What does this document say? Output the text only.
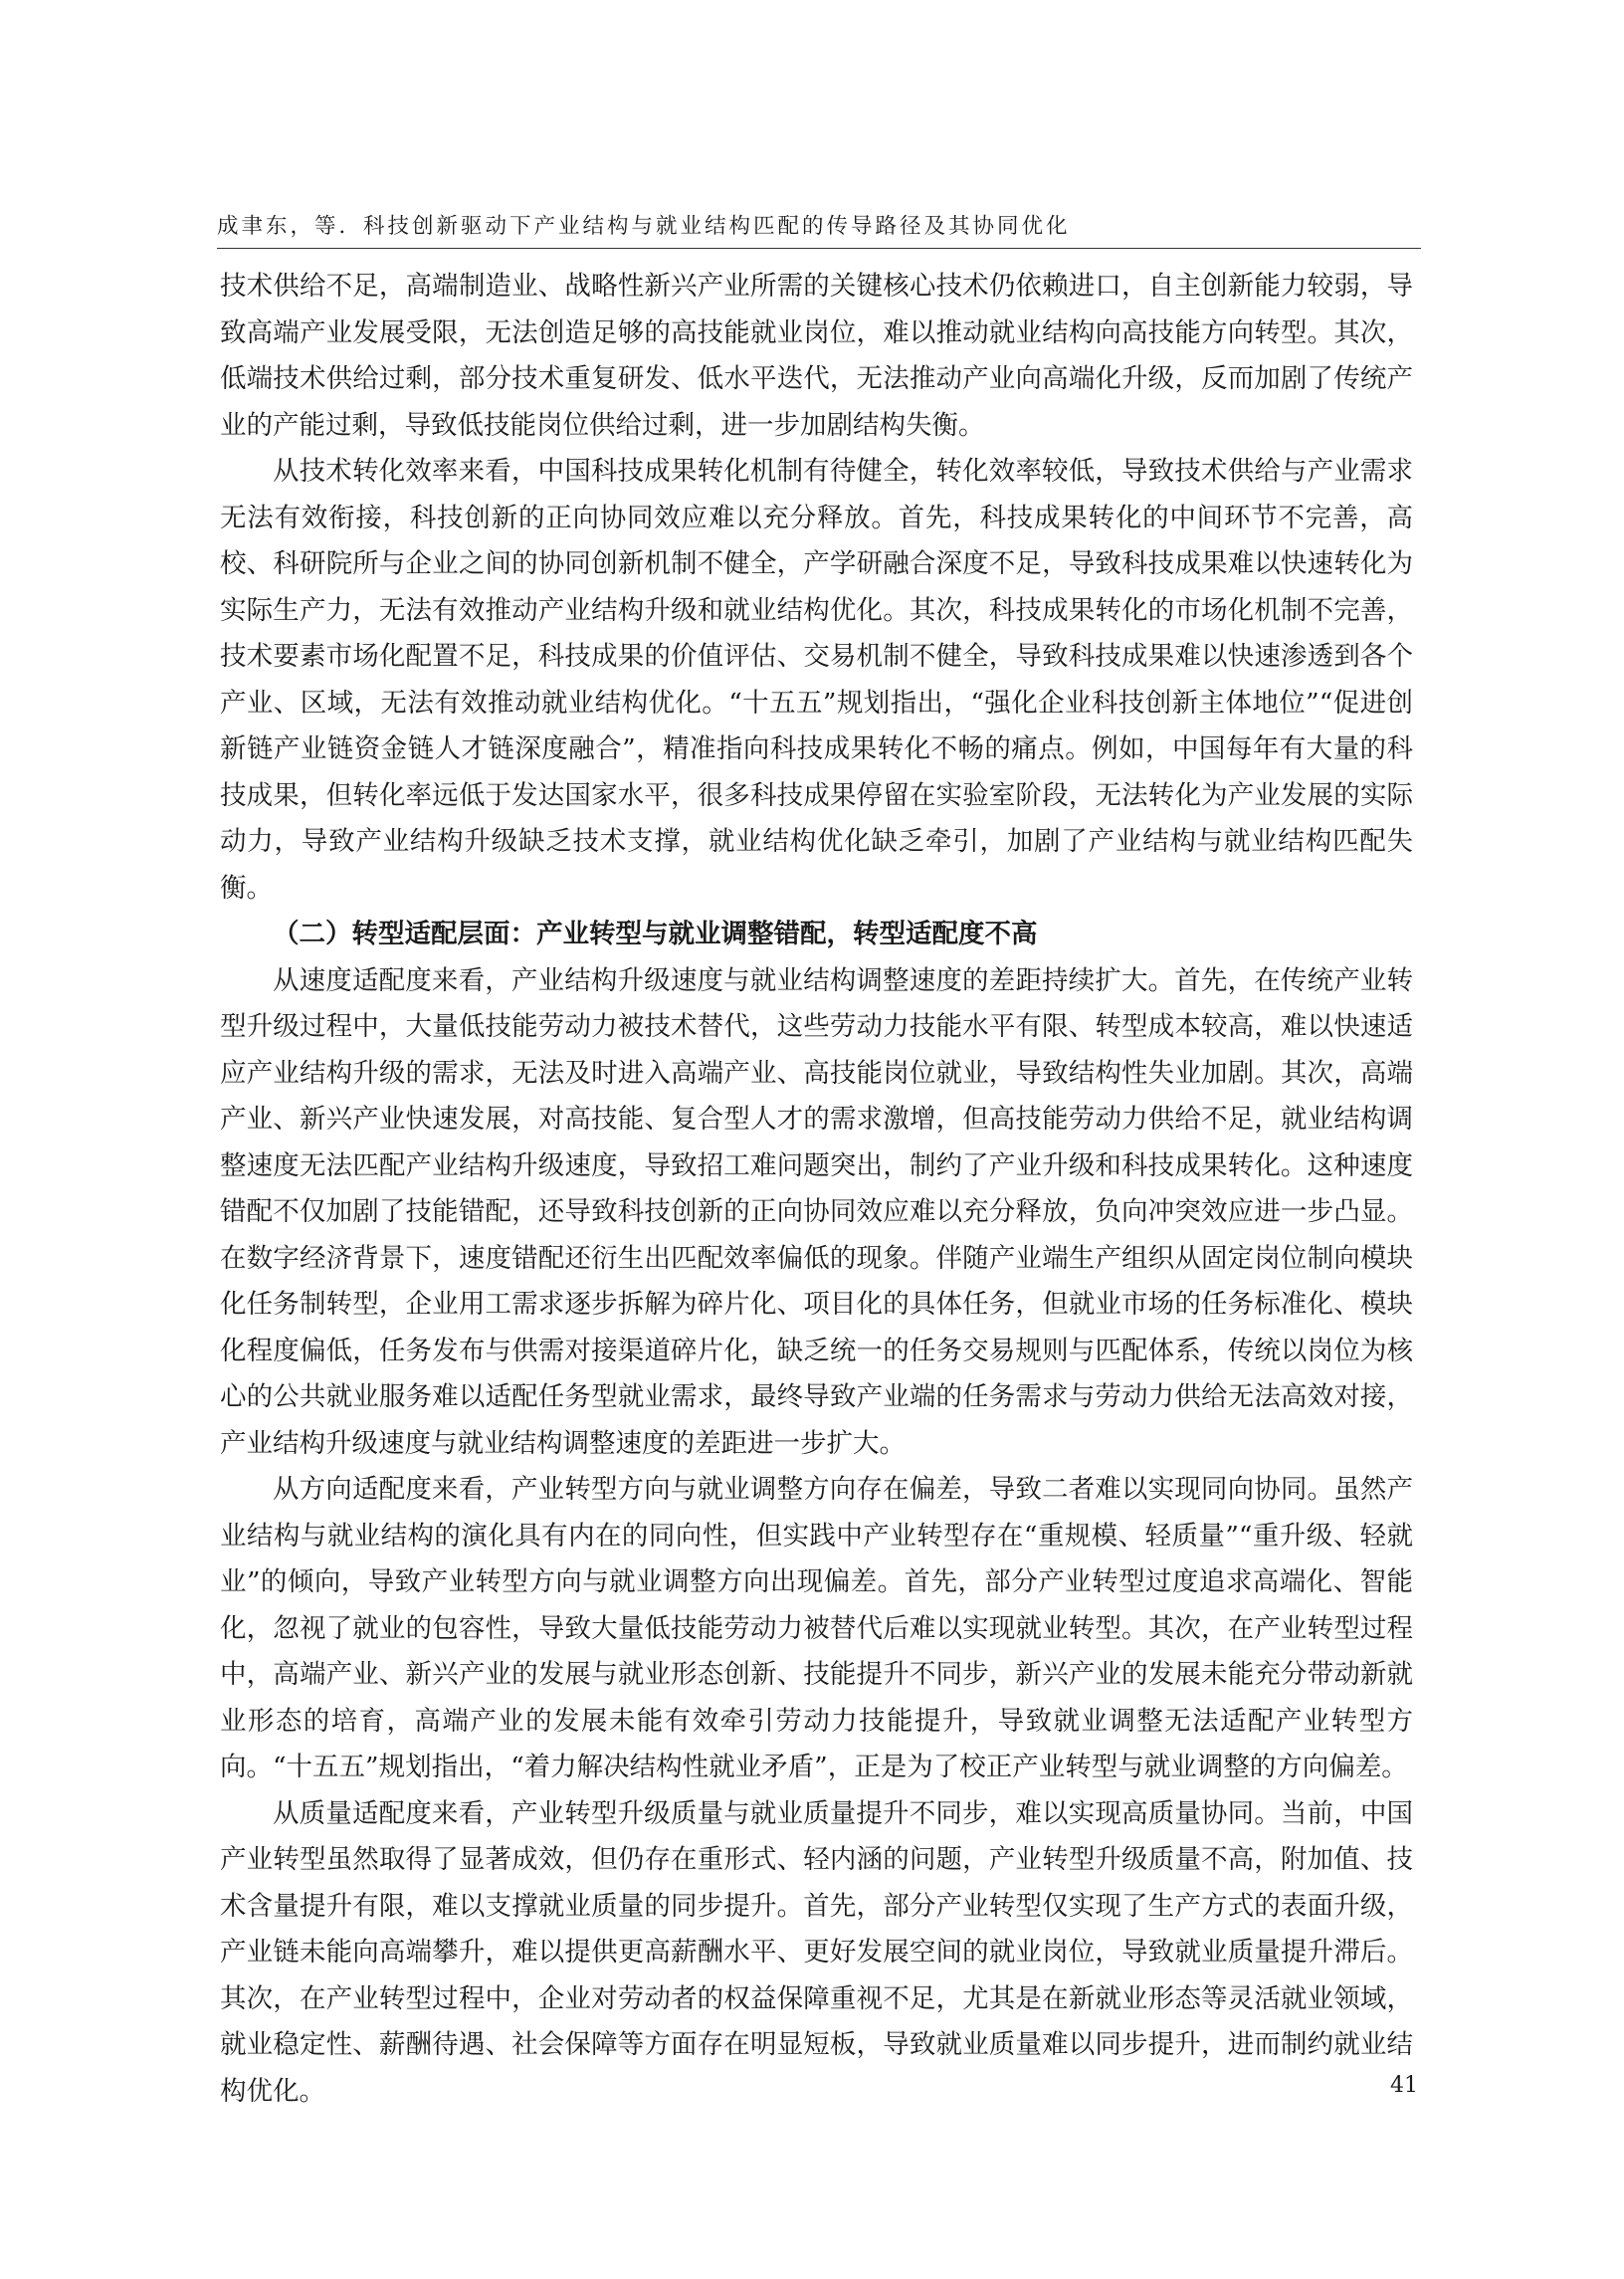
成聿东，等．科技创新驱动下产业结构与就业结构匹配的传导路径及其协同优化

技术供给不足，高端制造业、战略性新兴产业所需的关键核心技术仍依赖进口，自主创新能力较弱，导致高端产业发展受限，无法创造足够的高技能就业岗位，难以推动就业结构向高技能方向转型。其次，低端技术供给过剩，部分技术重复研发、低水平迭代，无法推动产业向高端化升级，反而加剧了传统产业的产能过剩，导致低技能岗位供给过剩，进一步加剧结构失衡。

从技术转化效率来看，中国科技成果转化机制有待健全，转化效率较低，导致技术供给与产业需求无法有效衔接，科技创新的正向协同效应难以充分释放。首先，科技成果转化的中间环节不完善，高校、科研院所与企业之间的协同创新机制不健全，产学研融合深度不足，导致科技成果难以快速转化为实际生产力，无法有效推动产业结构升级和就业结构优化。其次，科技成果转化的市场化机制不完善，技术要素市场化配置不足，科技成果的价值评估、交易机制不健全，导致科技成果难以快速渗透到各个产业、区域，无法有效推动就业结构优化。“十五五”规划指出，“强化企业科技创新主体地位”“促进创新链产业链资金链人才链深度融合”，精准指向科技成果转化不畅的痛点。例如，中国每年有大量的科技成果，但转化率远低于发达国家水平，很多科技成果停留在实验室阶段，无法转化为产业发展的实际动力，导致产业结构升级缺乏技术支撑，就业结构优化缺乏牵引，加剧了产业结构与就业结构匹配失衡。

（二）转型适配层面：产业转型与就业调整错配，转型适配度不高

从速度适配度来看，产业结构升级速度与就业结构调整速度的差距持续扩大。首先，在传统产业转型升级过程中，大量低技能劳动力被技术替代，这些劳动力技能水平有限、转型成本较高，难以快速适应产业结构升级的需求，无法及时进入高端产业、高技能岗位就业，导致结构性失业加剧。其次，高端产业、新兴产业快速发展，对高技能、复合型人才的需求激增，但高技能劳动力供给不足，就业结构调整速度无法匹配产业结构升级速度，导致招工难问题突出，制约了产业升级和科技成果转化。这种速度错配不仅加剧了技能错配，还导致科技创新的正向协同效应难以充分释放，负向冲突效应进一步凸显。在数字经济背景下，速度错配还衍生出匹配效率偏低的现象。伴随产业端生产组织从固定岗位制向模块化任务制转型，企业用工需求逐步拆解为碎片化、项目化的具体任务，但就业市场的任务标准化、模块化程度偏低，任务发布与供需对接渠道碎片化，缺乏统一的任务交易规则与匹配体系，传统以岗位为核心的公共就业服务难以适配任务型就业需求，最终导致产业端的任务需求与劳动力供给无法高效对接，产业结构升级速度与就业结构调整速度的差距进一步扩大。

从方向适配度来看，产业转型方向与就业调整方向存在偏差，导致二者难以实现同向协同。虽然产业结构与就业结构的演化具有内在的同向性，但实践中产业转型存在“重规模、轻质量”“重升级、轻就业”的倾向，导致产业转型方向与就业调整方向出现偏差。首先，部分产业转型过度追求高端化、智能化，忽视了就业的包容性，导致大量低技能劳动力被替代后难以实现就业转型。其次，在产业转型过程中，高端产业、新兴产业的发展与就业形态创新、技能提升不同步，新兴产业的发展未能充分带动新就业形态的培育，高端产业的发展未能有效牵引劳动力技能提升，导致就业调整无法适配产业转型方向。“十五五”规划指出，“着力解决结构性就业矛盾”，正是为了校正产业转型与就业调整的方向偏差。

从质量适配度来看，产业转型升级质量与就业质量提升不同步，难以实现高质量协同。当前，中国产业转型虽然取得了显著成效，但仍存在重形式、轻内涵的问题，产业转型升级质量不高，附加值、技术含量提升有限，难以支撑就业质量的同步提升。首先，部分产业转型仅实现了生产方式的表面升级，产业链未能向高端攀升，难以提供更高薪酬水平、更好发展空间的就业岗位，导致就业质量提升滞后。其次，在产业转型过程中，企业对劳动者的权益保障重视不足，尤其是在新就业形态等灵活就业领域，就业稳定性、薪酬待遇、社会保障等方面存在明显短板，导致就业质量难以同步提升，进而制约就业结构优化。	41
